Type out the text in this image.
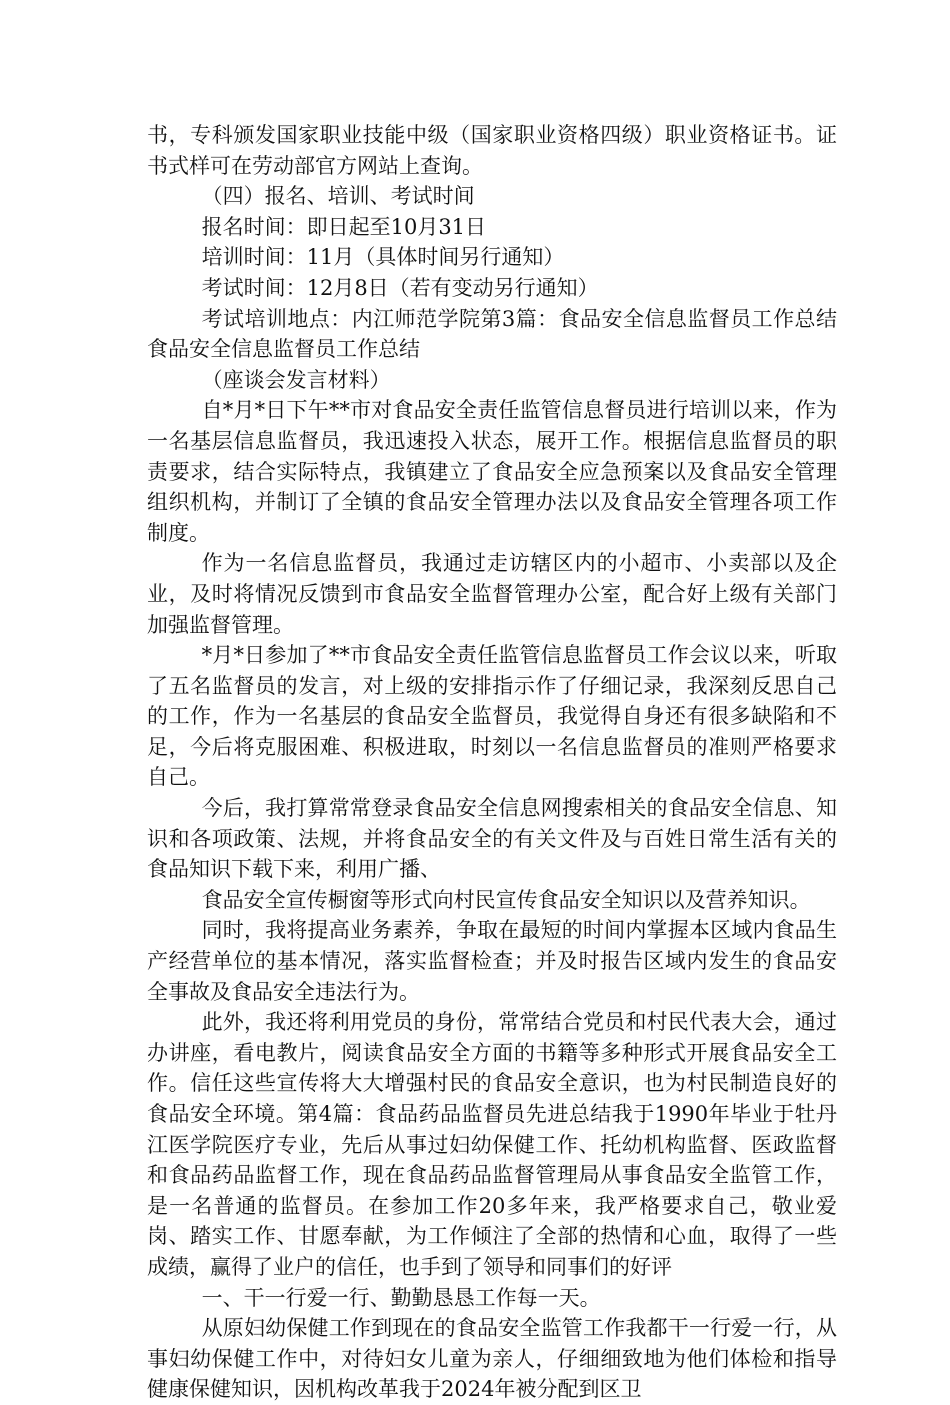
书，专科颁发国家职业技能中级（国家职业资格四级）职业资格证书。证书式样可在劳动部官方网站上查询。

（四）报名、培训、考试时间

报名时间：即日起至10月31日

培训时间：11月（具体时间另行通知）

考试时间：12月8日（若有变动另行通知）

考试培训地点：内江师范学院第3篇：食品安全信息监督员工作总结食品安全信息监督员工作总结

（座谈会发言材料）

自*月*日下午**市对食品安全责任监管信息督员进行培训以来，作为一名基层信息监督员，我迅速投入状态，展开工作。根据信息监督员的职责要求，结合实际特点，我镇建立了食品安全应急预案以及食品安全管理组织机构，并制订了全镇的食品安全管理办法以及食品安全管理各项工作制度。

作为一名信息监督员，我通过走访辖区内的小超市、小卖部以及企业，及时将情况反馈到市食品安全监督管理办公室，配合好上级有关部门加强监督管理。

*月*日参加了**市食品安全责任监管信息监督员工作会议以来，听取了五名监督员的发言，对上级的安排指示作了仔细记录，我深刻反思自己的工作，作为一名基层的食品安全监督员，我觉得自身还有很多缺陷和不足，今后将克服困难、积极进取，时刻以一名信息监督员的准则严格要求自己。

今后，我打算常常登录食品安全信息网搜索相关的食品安全信息、知识和各项政策、法规，并将食品安全的有关文件及与百姓日常生活有关的食品知识下载下来，利用广播、

食品安全宣传橱窗等形式向村民宣传食品安全知识以及营养知识。

同时，我将提高业务素养，争取在最短的时间内掌握本区域内食品生产经营单位的基本情况，落实监督检查；并及时报告区域内发生的食品安全事故及食品安全违法行为。

此外，我还将利用党员的身份，常常结合党员和村民代表大会，通过办讲座，看电教片，阅读食品安全方面的书籍等多种形式开展食品安全工作。信任这些宣传将大大增强村民的食品安全意识，也为村民制造良好的食品安全环境。第4篇：食品药品监督员先进总结我于1990年毕业于牡丹江医学院医疗专业，先后从事过妇幼保健工作、托幼机构监督、医政监督和食品药品监督工作，现在食品药品监督管理局从事食品安全监管工作，是一名普通的监督员。在参加工作20多年来，我严格要求自己，敬业爱岗、踏实工作、甘愿奉献，为工作倾注了全部的热情和心血，取得了一些成绩，赢得了业户的信任，也手到了领导和同事们的好评

一、干一行爱一行、勤勤恳恳工作每一天。

从原妇幼保健工作到现在的食品安全监管工作我都干一行爱一行，从事妇幼保健工作中，对待妇女儿童为亲人，仔细细致地为他们体检和指导健康保健知识，因机构改革我于2024年被分配到区卫
